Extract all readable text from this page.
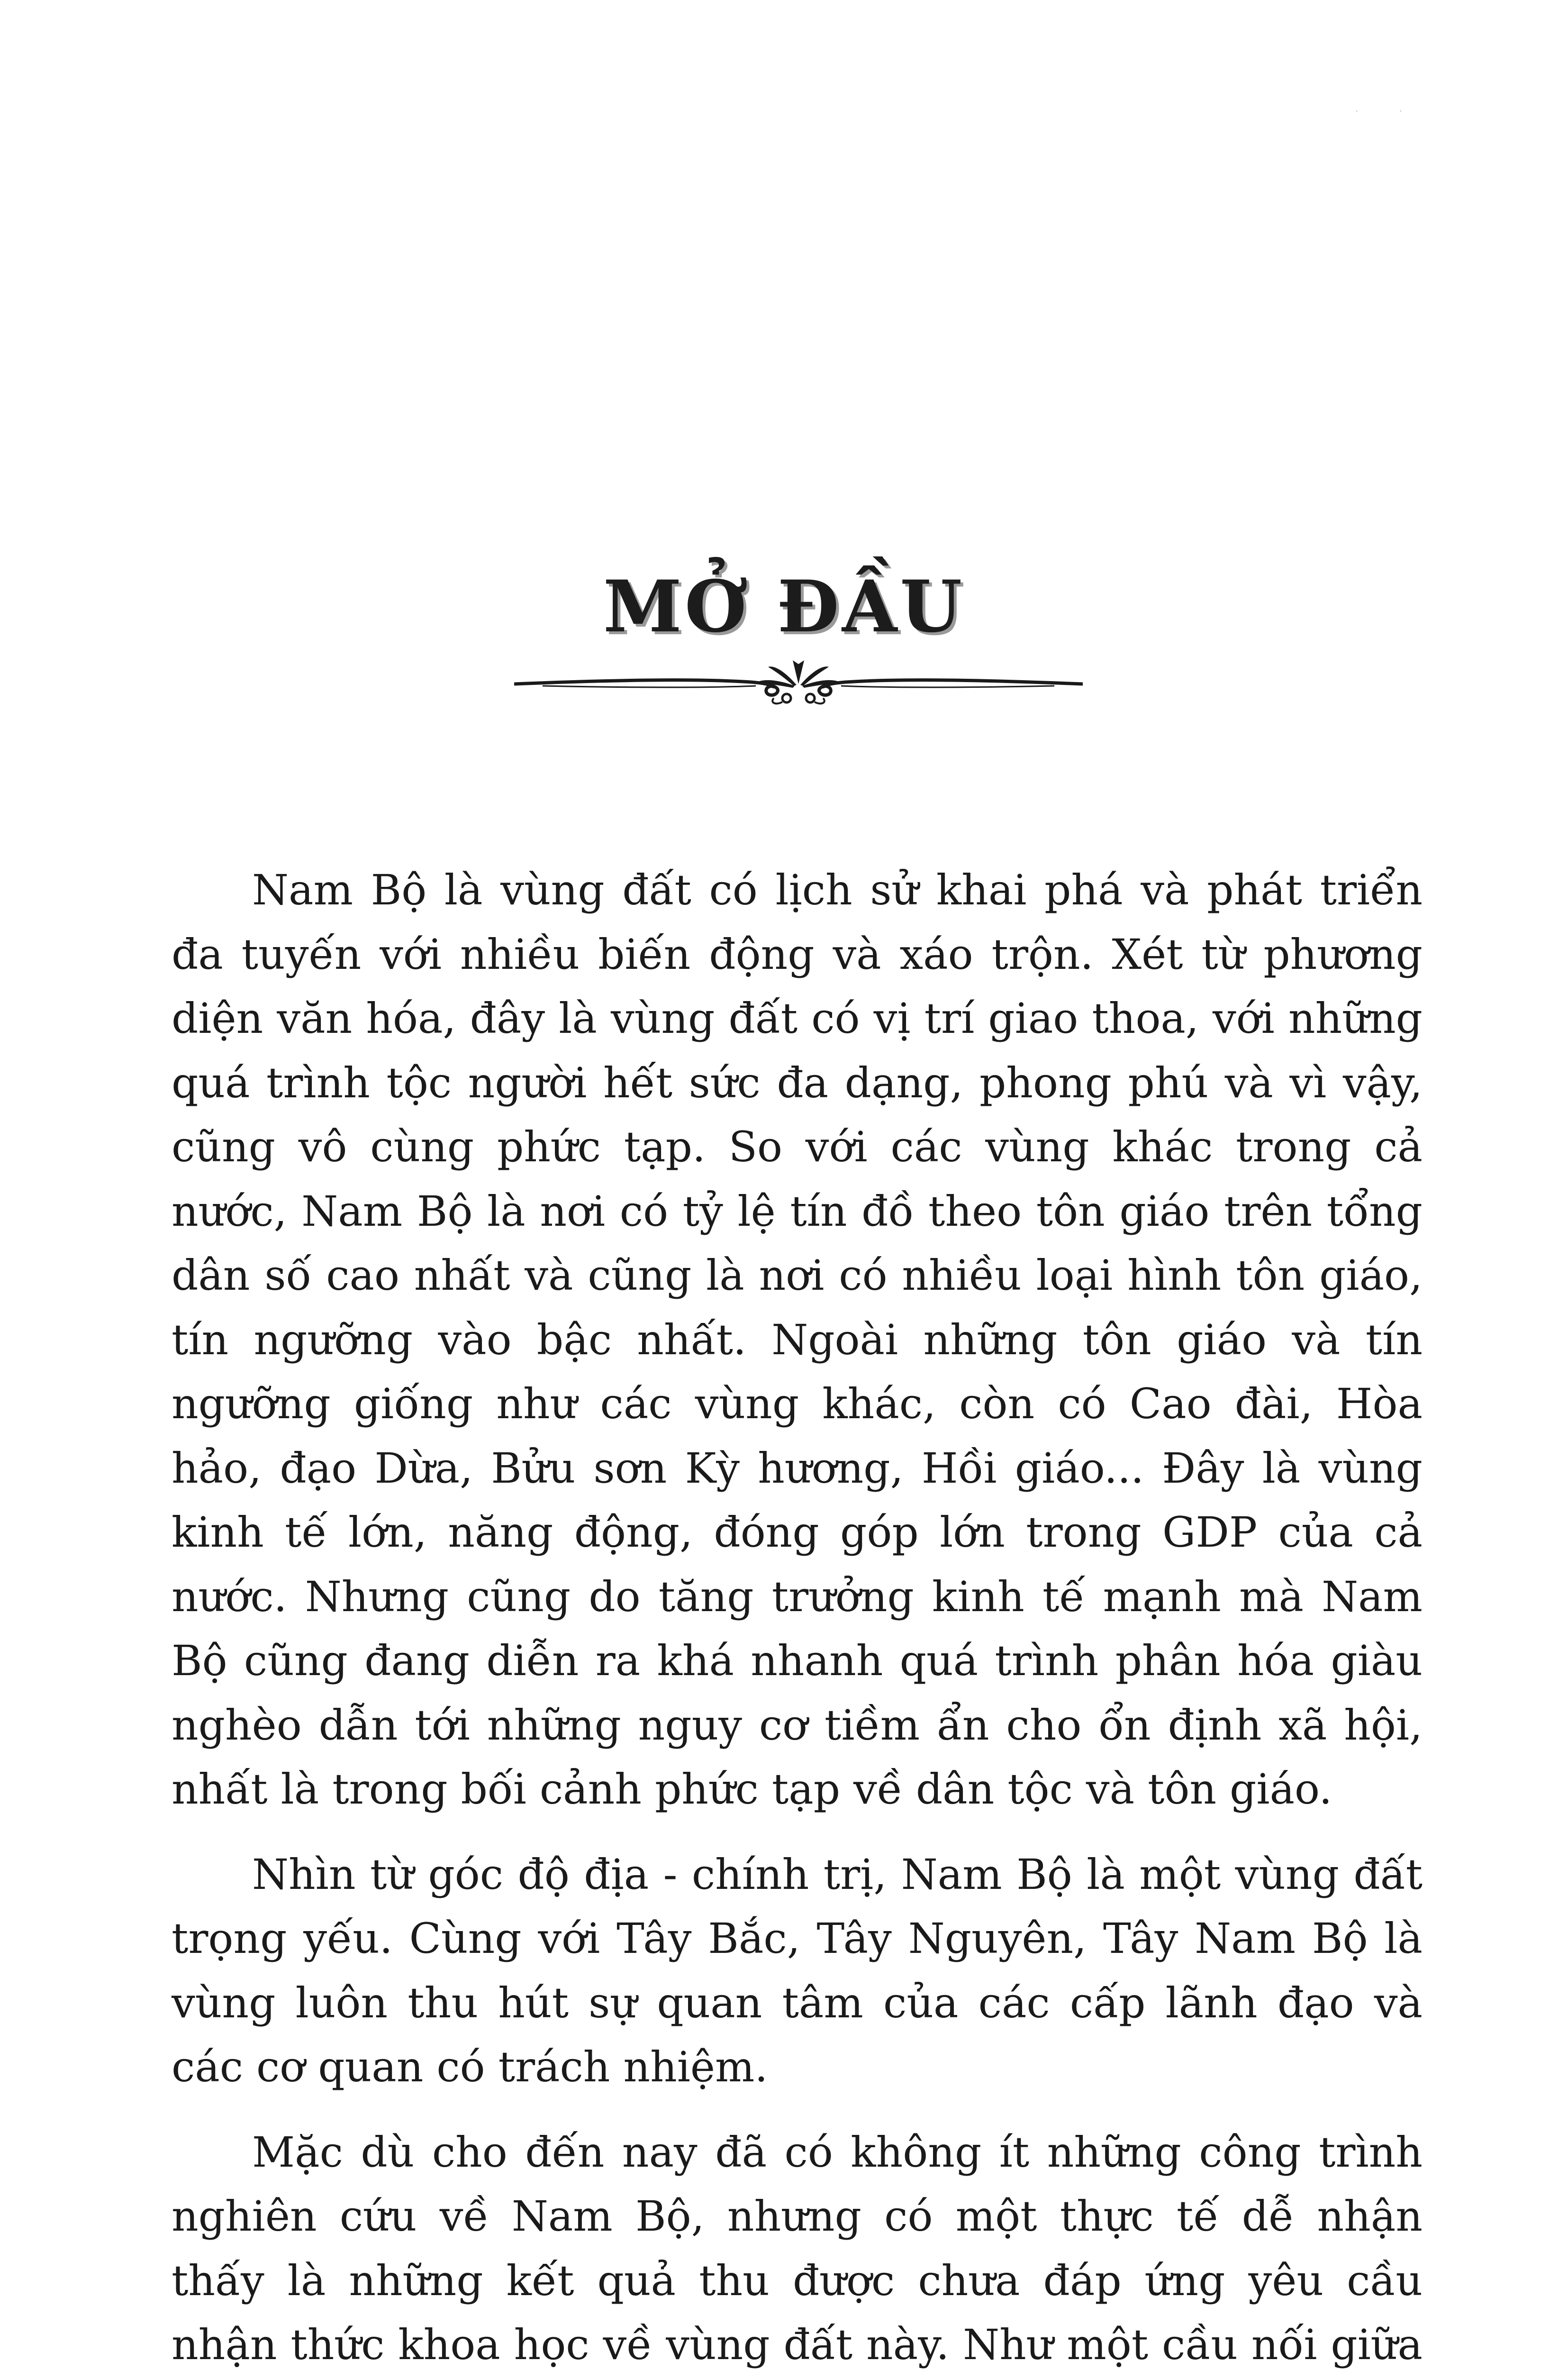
· ·
MỞ ĐẦU

Nam Bộ là vùng đất có lịch sử khai phá và phát triển đa tuyến với nhiều biến động và xáo trộn. Xét từ phương diện văn hóa, đây là vùng đất có vị trí giao thoa, với những quá trình tộc người hết sức đa dạng, phong phú và vì vậy, cũng vô cùng phức tạp. So với các vùng khác trong cả nước, Nam Bộ là nơi có tỷ lệ tín đồ theo tôn giáo trên tổng dân số cao nhất và cũng là nơi có nhiều loại hình tôn giáo, tín ngưỡng vào bậc nhất. Ngoài những tôn giáo và tín ngưỡng giống như các vùng khác, còn có Cao đài, Hòa hảo, đạo Dừa, Bửu sơn Kỳ hương, Hồi giáo... Đây là vùng kinh tế lớn, năng động, đóng góp lớn trong GDP của cả nước. Nhưng cũng do tăng trưởng kinh tế mạnh mà Nam Bộ cũng đang diễn ra khá nhanh quá trình phân hóa giàu nghèo dẫn tới những nguy cơ tiềm ẩn cho ổn định xã hội, nhất là trong bối cảnh phức tạp về dân tộc và tôn giáo.

Nhìn từ góc độ địa - chính trị, Nam Bộ là một vùng đất trọng yếu. Cùng với Tây Bắc, Tây Nguyên, Tây Nam Bộ là vùng luôn thu hút sự quan tâm của các cấp lãnh đạo và các cơ quan có trách nhiệm.

Mặc dù cho đến nay đã có không ít những công trình nghiên cứu về Nam Bộ, nhưng có một thực tế dễ nhận thấy là những kết quả thu được chưa đáp ứng yêu cầu nhận thức khoa học về vùng đất này. Như một cầu nối giữa
